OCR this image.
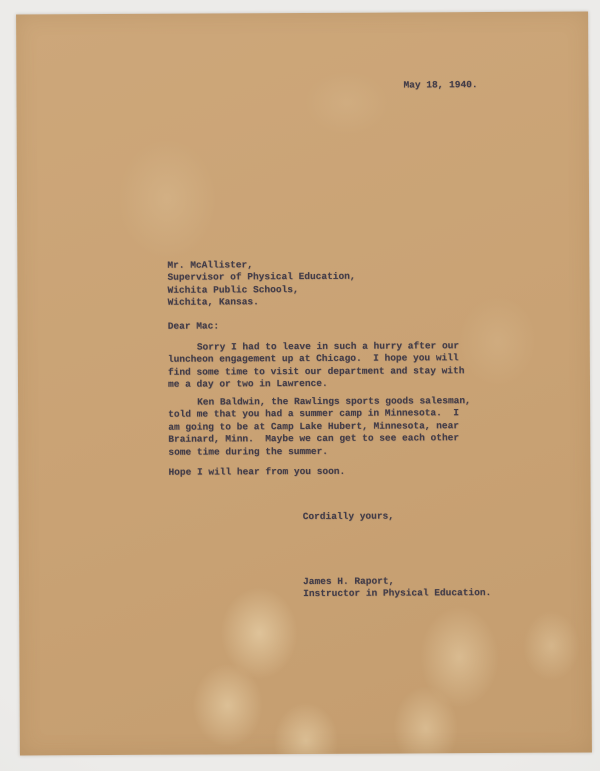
May 18, 1940.
Mr. McAllister,
Supervisor of Physical Education,
Wichita Public Schools,
Wichita, Kansas.
Dear Mac:
Sorry I had to leave in such a hurry after our
luncheon engagement up at Chicago.  I hope you will
find some time to visit our department and stay with
me a day or two in Lawrence.
Ken Baldwin, the Rawlings sports goods salesman,
told me that you had a summer camp in Minnesota.  I
am going to be at Camp Lake Hubert, Minnesota, near
Brainard, Minn.  Maybe we can get to see each other
some time during the summer.
Hope I will hear from you soon.
Cordially yours,
James H. Raport,
Instructor in Physical Education.
